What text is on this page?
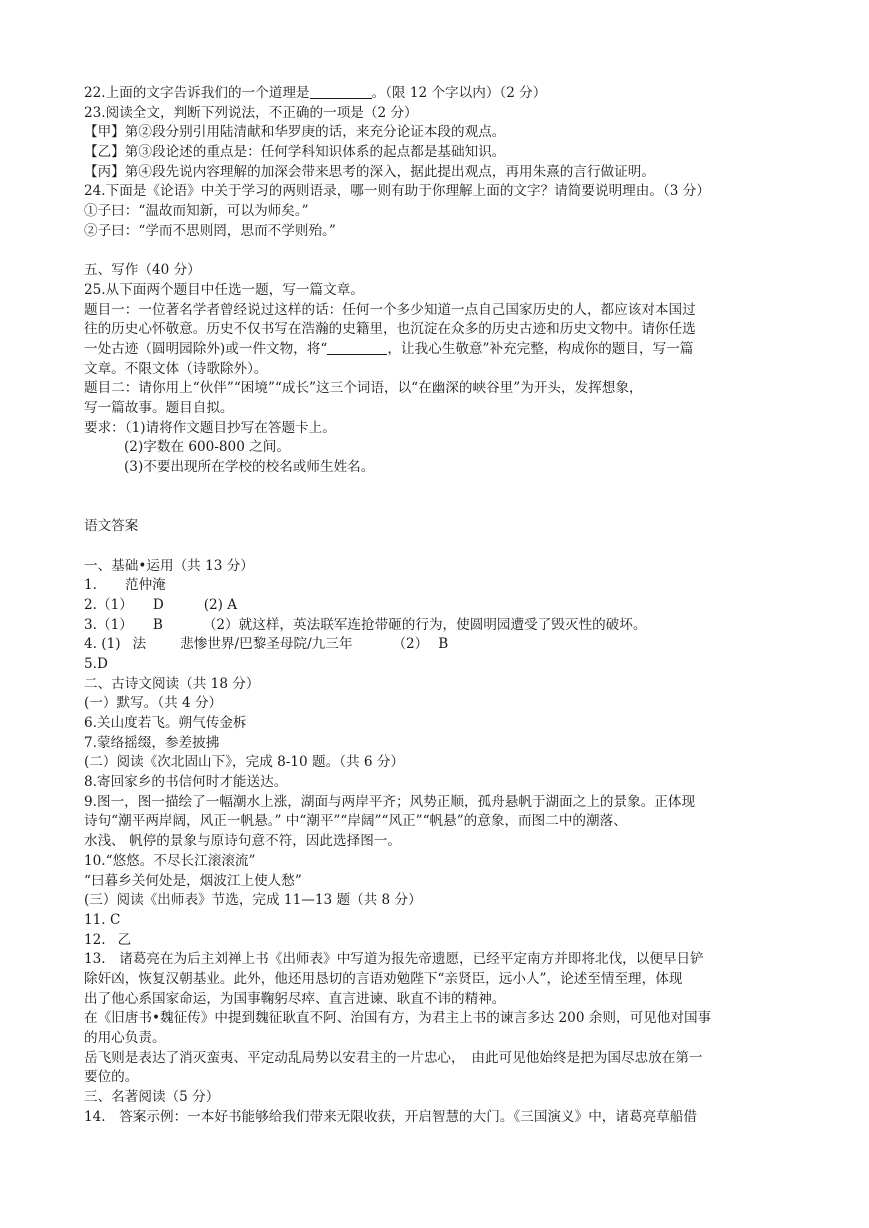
22.上面的文字告诉我们的一个道理是	。（限 12 个字以内）（2 分）
23.阅读全文，判断下列说法，不正确的一项是（2 分）
【甲】第②段分别引用陆清献和华罗庚的话，来充分论证本段的观点。
【乙】第③段论述的重点是：任何学科知识体系的起点都是基础知识。
【丙】第④段先说内容理解的加深会带来思考的深入，据此提出观点，再用朱熹的言行做证明。
24.下面是《论语》中关于学习的两则语录，哪一则有助于你理解上面的文字？请简要说明理由。（3 分）
①子曰：“温故而知新，可以为师矣。”
②子曰：“学而不思则罔，思而不学则殆。”
五、写作（40 分）
25.从下面两个题目中任选一题，写一篇文章。
题目一：一位著名学者曾经说过这样的话：任何一个多少知道一点自己国家历史的人，都应该对本国过
往的历史心怀敬意。历史不仅书写在浩瀚的史籍里，也沉淀在众多的历史古迹和历史文物中。请你任选
一处古迹（圆明园除外)或一件文物，将“	，让我心生敬意”补充完整，构成你的题目，写一篇
文章。不限文体（诗歌除外）。
题目二：请你用上“伙伴”“困境”“成长”这三个词语，以“在幽深的峡谷里”为开头，发挥想象，
写一篇故事。题目自拟。
要求：（1)请将作文题目抄写在答题卡上。
(2)字数在 600-800 之间。
(3)不要出现所在学校的校名或师生姓名。
语文答案
一、基础•运用（共 13 分）
1. 范仲淹
2.（1） D	(2) A
3.（1） B	（2）就这样，英法联军连抢带砸的行为，使圆明园遭受了毁灭性的破坏。
4. (1) 法	悲惨世界/巴黎圣母院/九三年	（2） B
5.D
二、古诗文阅读（共 18 分）
(一）默写。（共 4 分）
6.关山度若飞。朔气传金柝
7.蒙络摇缀，参差披拂
(二）阅读《次北固山下》，完成 8-10 题。（共 6 分）
8.寄回家乡的书信何时才能送达。
9.图一，图一描绘了一幅潮水上涨，湖面与两岸平齐；风势正顺，孤舟悬帆于湖面之上的景象。正体现
诗句“潮平两岸阔，风正一帆悬。” 中“潮平”“岸阔”“风正”“帆悬”的意象，而图二中的潮落、
水浅、 帆停的景象与原诗句意不符，因此选择图一。
10.“悠悠。不尽长江滚滚流”
“曰暮乡关何处是，烟波江上使人愁”
(三）阅读《出师表》节选，完成 11—13 题（共 8 分）
11. C
12. 乙
13.　诸葛亮在为后主刘禅上书《出师表》中写道为报先帝遗愿，已经平定南方并即将北伐，以便早日铲
除奸凶，恢复汉朝基业。此外，他还用恳切的言语劝勉陛下“亲贤臣，远小人”，论述至情至理，体现
出了他心系国家命运，为国事鞠躬尽瘁、直言进谏、耿直不讳的精神。
在《旧唐书•魏征传》中提到魏征耿直不阿、治国有方，为君主上书的谏言多达 200 余则，可见他对国事
的用心负责。
岳飞则是表达了消灭蛮夷、平定动乱局势以安君主的一片忠心，　由此可见他始终是把为国尽忠放在第一
要位的。
三、名著阅读（5 分）
14.　答案示例：一本好书能够给我们带来无限收获，开启智慧的大门。《三国演义》中，诸葛亮草船借
